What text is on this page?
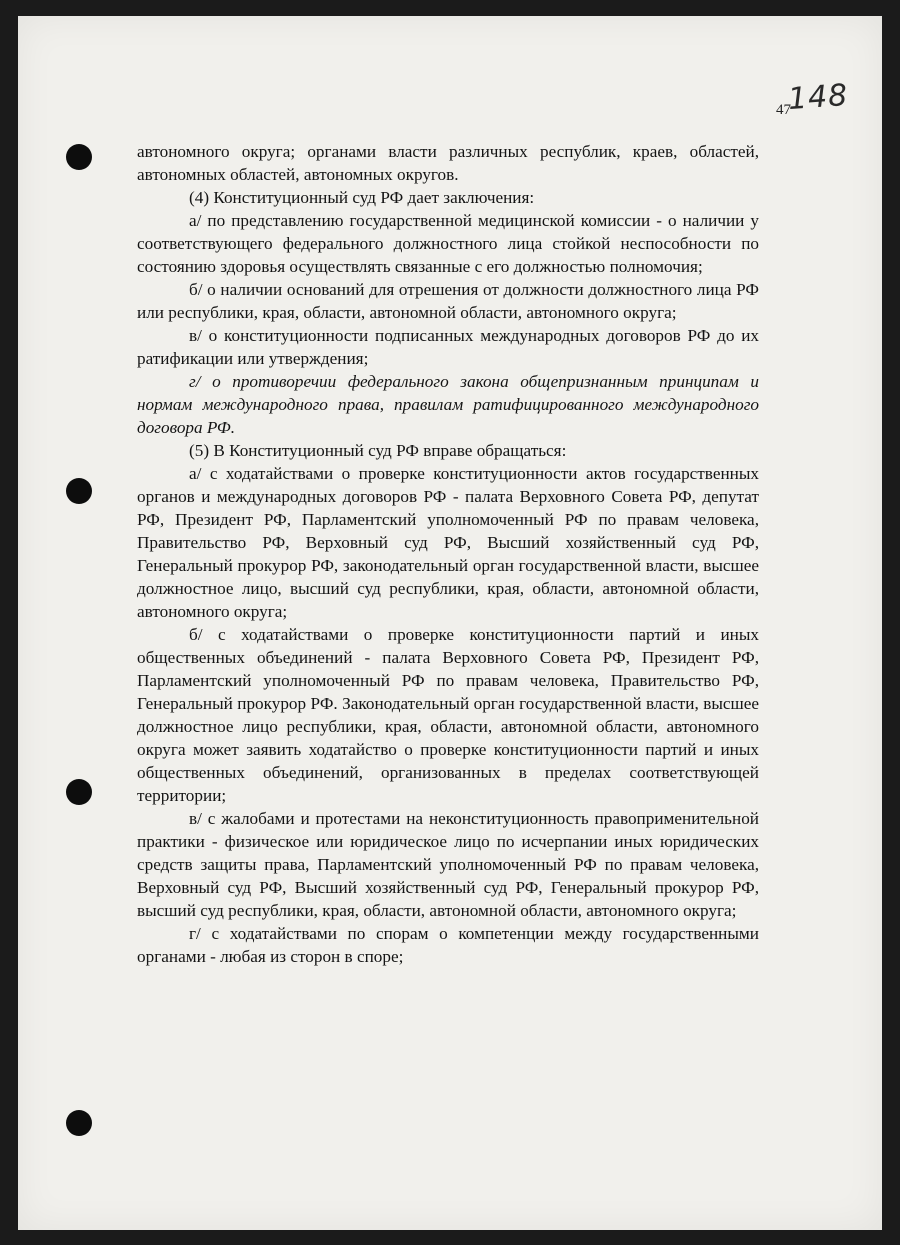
148
47

автономного округа; органами власти различных республик, краев, областей, автономных областей, автономных округов.

(4) Конституционный суд РФ дает заключения:

а/ по представлению государственной медицинской комиссии - о наличии у соответствующего федерального должностного лица стойкой неспособности по состоянию здоровья осуществлять связанные с его должностью полномочия;

б/ о наличии оснований для отрешения от должности должностного лица РФ или республики, края, области, автономной области, автономного округа;

в/ о конституционности подписанных международных договоров РФ до их ратификации или утверждения;

г/ о противоречии федерального закона общепризнанным принципам и нормам международного права, правилам ратифицированного международного договора РФ.

(5) В Конституционный суд РФ вправе обращаться:

а/ с ходатайствами о проверке конституционности актов государственных органов и международных договоров РФ - палата Верховного Совета РФ, депутат РФ, Президент РФ, Парламентский уполномоченный РФ по правам человека, Правительство РФ, Верховный суд РФ, Высший хозяйственный суд РФ, Генеральный прокурор РФ, законодательный орган государственной власти, высшее должностное лицо, высший суд республики, края, области, автономной области, автономного округа;

б/ с ходатайствами о проверке конституционности партий и иных общественных объединений - палата Верховного Совета РФ, Президент РФ, Парламентский уполномоченный РФ по правам человека, Правительство РФ, Генеральный прокурор РФ. Законодательный орган государственной власти, высшее должностное лицо республики, края, области, автономной области, автономного округа может заявить ходатайство о проверке конституционности партий и иных общественных объединений, организованных в пределах соответствующей территории;

в/ с жалобами и протестами на неконституционность правоприменительной практики - физическое или юридическое лицо по исчерпании иных юридических средств защиты права, Парламентский уполномоченный РФ по правам человека, Верховный суд РФ, Высший хозяйственный суд РФ, Генеральный прокурор РФ, высший суд республики, края, области, автономной области, автономного округа;

г/ с ходатайствами по спорам о компетенции между государственными органами - любая из сторон в споре;
